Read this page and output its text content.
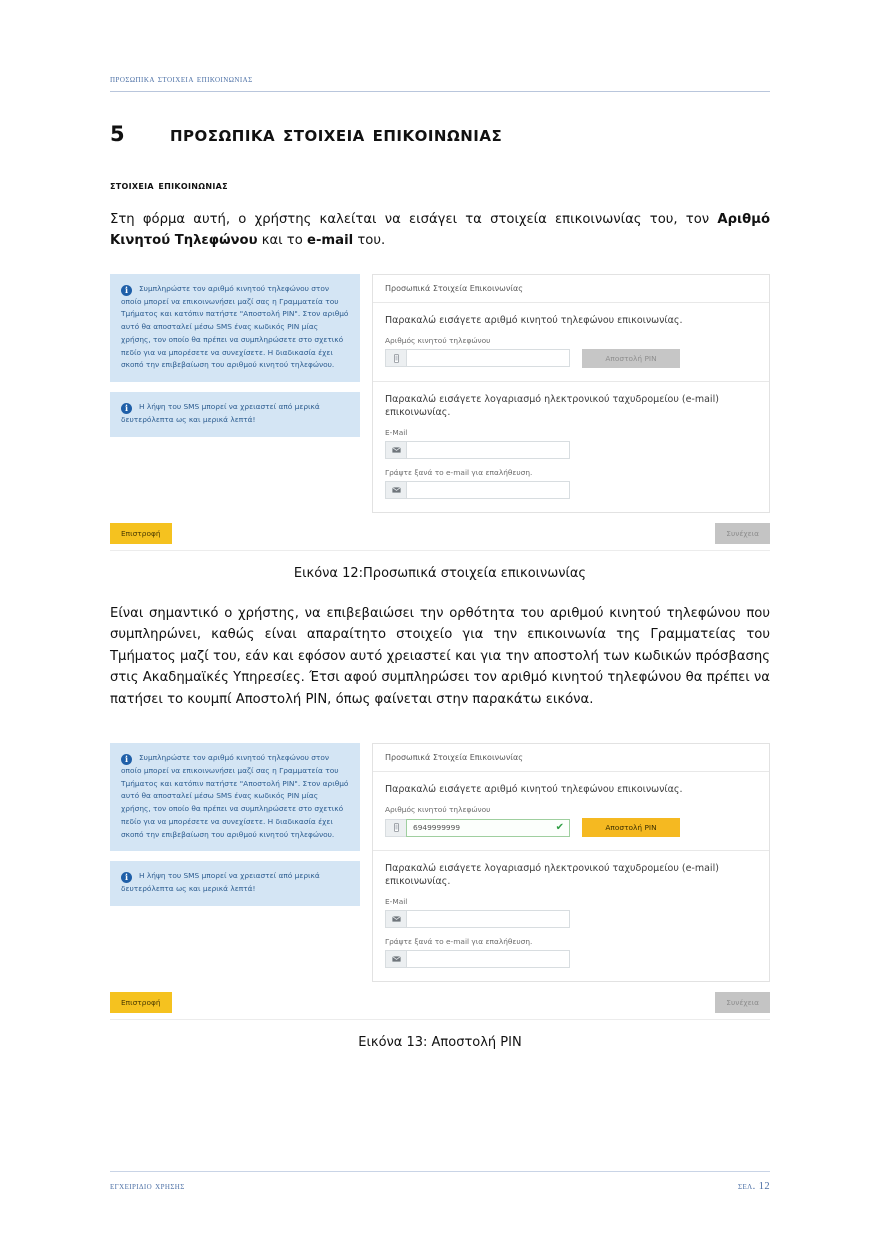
προσωπικα στοιχεια επικοινωνιας
5	προσωπικα στοιχεια επικοινωνιας
στοιχεια επικοινωνιας
Στη φόρμα αυτή, ο χρήστης καλείται να εισάγει τα στοιχεία επικοινωνίας του, τον Αριθμό Κινητού Τηλεφώνου και το e-mail του.
i Συμπληρώστε τον αριθμό κινητού τηλεφώνου στον οποίο μπορεί να επικοινωνήσει μαζί σας η Γραμματεία του Τμήματος και κατόπιν πατήστε "Αποστολή PIN". Στον αριθμό αυτό θα αποσταλεί μέσω SMS ένας κωδικός PIN μίας χρήσης, τον οποίο θα πρέπει να συμπληρώσετε στο σχετικό πεδίο για να μπορέσετε να συνεχίσετε. Η διαδικασία έχει σκοπό την επιβεβαίωση του αριθμού κινητού τηλεφώνου.
i Η λήψη του SMS μπορεί να χρειαστεί από μερικά δευτερόλεπτα ως και μερικά λεπτά!
Προσωπικά Στοιχεία Επικοινωνίας
Παρακαλώ εισάγετε αριθμό κινητού τηλεφώνου επικοινωνίας.
Αριθμός κινητού τηλεφώνου
Αποστολή PIN
Παρακαλώ εισάγετε λογαριασμό ηλεκτρονικού ταχυδρομείου (e-mail) επικοινωνίας.
E-Mail
Γράψτε ξανά το e-mail για επαλήθευση.
Επιστροφή	Συνέχεια
Εικόνα 12:Προσωπικά στοιχεία επικοινωνίας
Είναι σημαντικό ο χρήστης, να επιβεβαιώσει την ορθότητα του αριθμού κινητού τηλεφώνου που συμπληρώνει, καθώς είναι απαραίτητο στοιχείο για την επικοινωνία της Γραμματείας του Τμήματος μαζί του, εάν και εφόσον αυτό χρειαστεί και για την αποστολή των κωδικών πρόσβασης στις Ακαδημαϊκές Υπηρεσίες. Έτσι αφού συμπληρώσει τον αριθμό κινητού τηλεφώνου θα πρέπει να πατήσει το κουμπί Αποστολή PIN, όπως φαίνεται στην παρακάτω εικόνα.
i Συμπληρώστε τον αριθμό κινητού τηλεφώνου στον οποίο μπορεί να επικοινωνήσει μαζί σας η Γραμματεία του Τμήματος και κατόπιν πατήστε "Αποστολή PIN". Στον αριθμό αυτό θα αποσταλεί μέσω SMS ένας κωδικός PIN μίας χρήσης, τον οποίο θα πρέπει να συμπληρώσετε στο σχετικό πεδίο για να μπορέσετε να συνεχίσετε. Η διαδικασία έχει σκοπό την επιβεβαίωση του αριθμού κινητού τηλεφώνου.
i Η λήψη του SMS μπορεί να χρειαστεί από μερικά δευτερόλεπτα ως και μερικά λεπτά!
Προσωπικά Στοιχεία Επικοινωνίας
Παρακαλώ εισάγετε αριθμό κινητού τηλεφώνου επικοινωνίας.
Αριθμός κινητού τηλεφώνου
6949999999	✔	Αποστολή PIN
Παρακαλώ εισάγετε λογαριασμό ηλεκτρονικού ταχυδρομείου (e-mail) επικοινωνίας.
E-Mail
Γράψτε ξανά το e-mail για επαλήθευση.
Επιστροφή	Συνέχεια
Εικόνα 13: Αποστολή PIN
εγχειριδιο χρησης	σελ. 12
